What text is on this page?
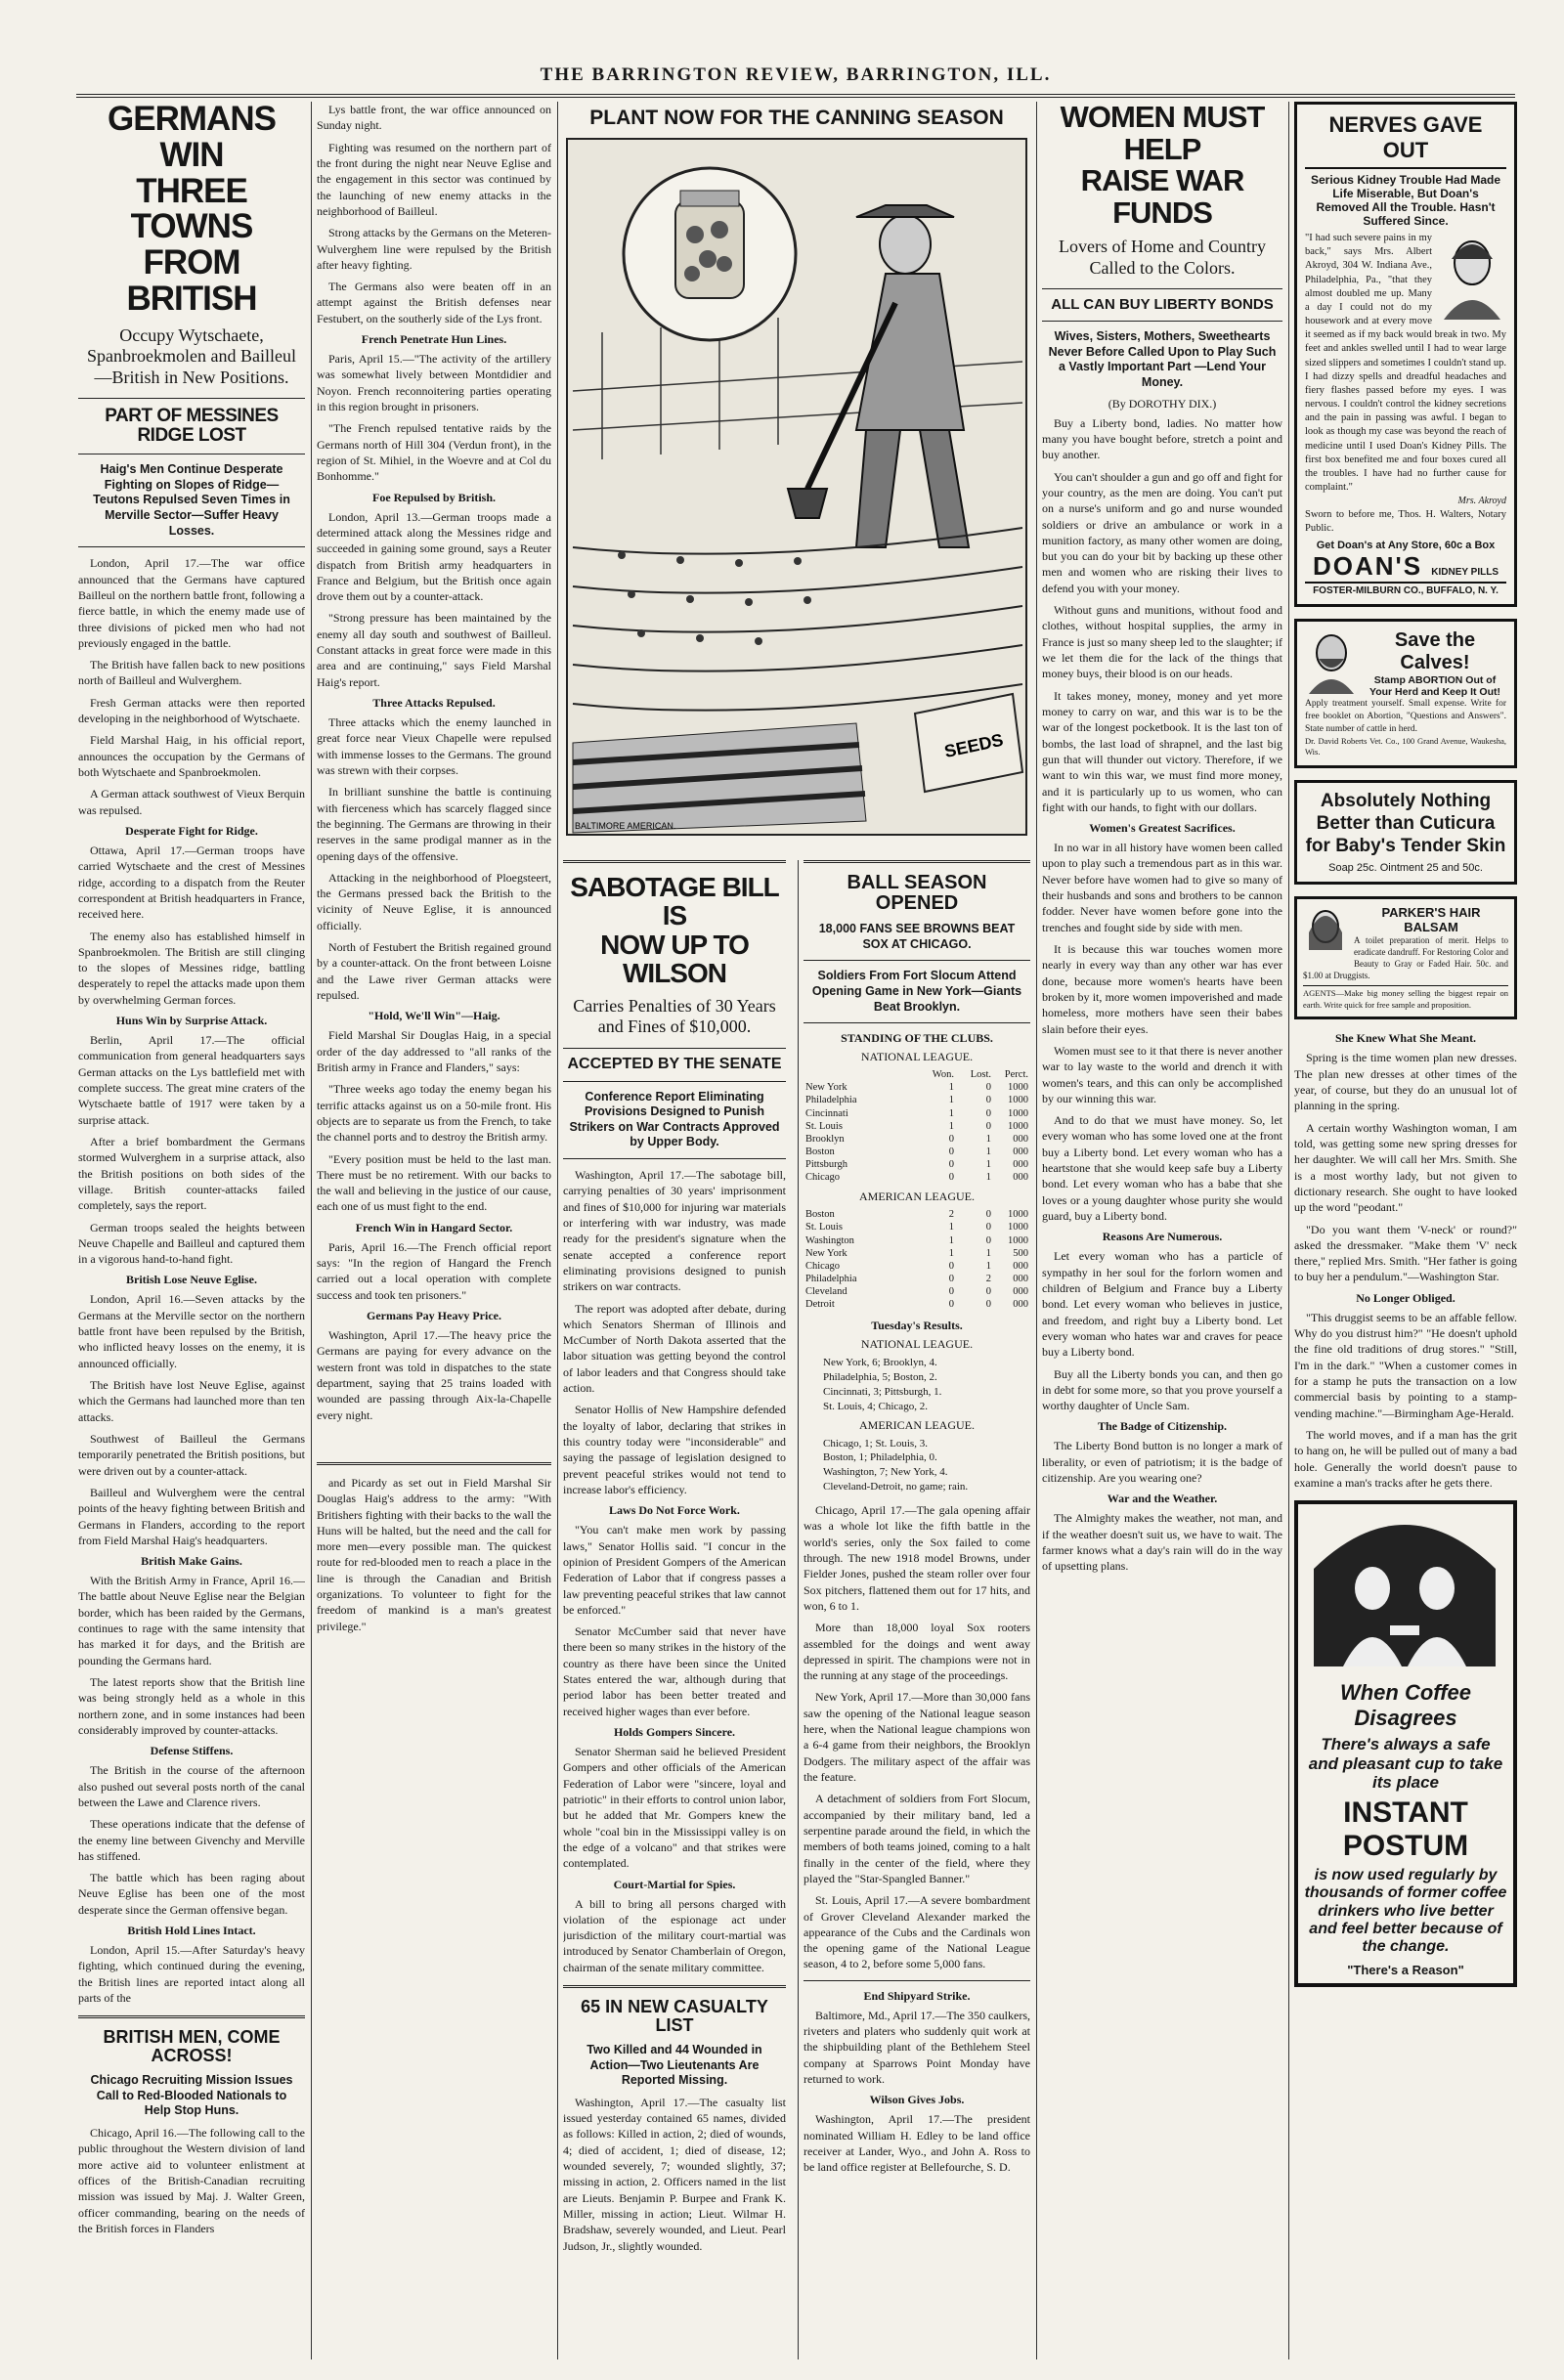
THE BARRINGTON REVIEW, BARRINGTON, ILL.
GERMANS WIN
THREE TOWNS
FROM BRITISH
Occupy Wytschaete, Spanbroekmolen and Bailleul—British in New Positions.
PART OF MESSINES RIDGE LOST
Haig's Men Continue Desperate Fighting on Slopes of Ridge—Teutons Repulsed Seven Times in Merville Sector—Suffer Heavy Losses.

London, April 17.—The war office announced that the Germans have captured Bailleul on the northern battle front, following a fierce battle, in which the enemy made use of three divisions of picked men who had not previously engaged in the battle.

The British have fallen back to new positions north of Bailleul and Wulverghem.

Fresh German attacks were then reported developing in the neighborhood of Wytschaete.

Field Marshal Haig, in his official report, announces the occupation by the Germans of both Wytschaete and Spanbroekmolen.

A German attack southwest of Vieux Berquin was repulsed.

Desperate Fight for Ridge.

Ottawa, April 17.—German troops have carried Wytschaete and the crest of Messines ridge, according to a dispatch from the Reuter correspondent at British headquarters in France, received here.

The enemy also has established himself in Spanbroekmolen. The British are still clinging to the slopes of Messines ridge, battling desperately to repel the attacks made upon them by overwhelming German forces.

Huns Win by Surprise Attack.

Berlin, April 17.—The official communication from general headquarters says German attacks on the Lys battlefield met with complete success. The great mine craters of the Wytschaete battle of 1917 were taken by a surprise attack.

After a brief bombardment the Germans stormed Wulverghem in a surprise attack, also the British positions on both sides of the village. British counter-attacks failed completely, says the report.

German troops sealed the heights between Neuve Chapelle and Bailleul and captured them in a vigorous hand-to-hand fight.

British Lose Neuve Eglise.

London, April 16.—Seven attacks by the Germans at the Merville sector on the northern battle front have been repulsed by the British, who inflicted heavy losses on the enemy, it is announced officially.

The British have lost Neuve Eglise, against which the Germans had launched more than ten attacks.

Southwest of Bailleul the Germans temporarily penetrated the British positions, but were driven out by a counter-attack.

Bailleul and Wulverghem were the central points of the heavy fighting between British and Germans in Flanders, according to the report from Field Marshal Haig's headquarters.

British Make Gains.

With the British Army in France, April 16.—The battle about Neuve Eglise near the Belgian border, which has been raided by the Germans, continues to rage with the same intensity that has marked it for days, and the British are pounding the Germans hard.

The latest reports show that the British line was being strongly held as a whole in this northern zone, and in some instances had been considerably improved by counter-attacks.

Defense Stiffens.

The British in the course of the afternoon also pushed out several posts north of the canal between the Lawe and Clarence rivers.

These operations indicate that the defense of the enemy line between Givenchy and Merville has stiffened.

The battle which has been raging about Neuve Eglise has been one of the most desperate since the German offensive began.

British Hold Lines Intact.

London, April 15.—After Saturday's heavy fighting, which continued during the evening, the British lines are reported intact along all parts of the

BRITISH MEN, COME ACROSS!
Chicago Recruiting Mission Issues Call to Red-Blooded Nationals to Help Stop Huns.

Chicago, April 16.—The following call to the public throughout the Western division of land more active aid to volunteer enlistment at offices of the British-Canadian recruiting mission was issued by Maj. J. Walter Green, officer commanding, bearing on the needs of the British forces in Flanders

Lys battle front, the war office announced on Sunday night.

Fighting was resumed on the northern part of the front during the night near Neuve Eglise and the engagement in this sector was continued by the launching of new enemy attacks in the neighborhood of Bailleul.

Strong attacks by the Germans on the Meteren-Wulverghem line were repulsed by the British after heavy fighting.

The Germans also were beaten off in an attempt against the British defenses near Festubert, on the southerly side of the Lys front.

French Penetrate Hun Lines.

Paris, April 15.—"The activity of the artillery was somewhat lively between Montdidier and Noyon. French reconnoitering parties operating in this region brought in prisoners.

"The French repulsed tentative raids by the Germans north of Hill 304 (Verdun front), in the region of St. Mihiel, in the Woevre and at Col du Bonhomme."

Foe Repulsed by British.

London, April 13.—German troops made a determined attack along the Messines ridge and succeeded in gaining some ground, says a Reuter dispatch from British army headquarters in France and Belgium, but the British once again drove them out by a counter-attack.

"Strong pressure has been maintained by the enemy all day south and southwest of Bailleul. Constant attacks in great force were made in this area and are continuing," says Field Marshal Haig's report.

Three Attacks Repulsed.

Three attacks which the enemy launched in great force near Vieux Chapelle were repulsed with immense losses to the Germans. The ground was strewn with their corpses.

In brilliant sunshine the battle is continuing with fierceness which has scarcely flagged since the beginning. The Germans are throwing in their reserves in the same prodigal manner as in the opening days of the offensive.

Attacking in the neighborhood of Ploegsteert, the Germans pressed back the British to the vicinity of Neuve Eglise, it is announced officially.

North of Festubert the British regained ground by a counter-attack. On the front between Loisne and the Lawe river German attacks were repulsed.

"Hold, We'll Win"—Haig.

Field Marshal Sir Douglas Haig, in a special order of the day addressed to "all ranks of the British army in France and Flanders," says:

"Three weeks ago today the enemy began his terrific attacks against us on a 50-mile front. His objects are to separate us from the French, to take the channel ports and to destroy the British army.

"Every position must be held to the last man. There must be no retirement. With our backs to the wall and believing in the justice of our cause, each one of us must fight to the end.

French Win in Hangard Sector.

Paris, April 16.—The French official report says: "In the region of Hangard the French carried out a local operation with complete success and took ten prisoners."

Germans Pay Heavy Price.

Washington, April 17.—The heavy price the Germans are paying for every advance on the western front was told in dispatches to the state department, saying that 25 trains loaded with wounded are passing through Aix-la-Chapelle every night.

and Picardy as set out in Field Marshal Sir Douglas Haig's address to the army: "With Britishers fighting with their backs to the wall the Huns will be halted, but the need and the call for more men—every possible man. The quickest route for red-blooded men to reach a place in the line is through the Canadian and British organizations. To volunteer to fight for the freedom of mankind is a man's greatest privilege."

PLANT NOW FOR THE CANNING SEASON
SEEDS
BALTIMORE AMERICAN.
SABOTAGE BILL IS
NOW UP TO WILSON
Carries Penalties of 30 Years and Fines of $10,000.
ACCEPTED BY THE SENATE
Conference Report Eliminating Provisions Designed to Punish Strikers on War Contracts Approved by Upper Body.

Washington, April 17.—The sabotage bill, carrying penalties of 30 years' imprisonment and fines of $10,000 for injuring war materials or interfering with war industry, was made ready for the president's signature when the senate accepted a conference report eliminating provisions designed to punish strikers on war contracts.

The report was adopted after debate, during which Senators Sherman of Illinois and McCumber of North Dakota asserted that the labor situation was getting beyond the control of labor leaders and that Congress should take action.

Senator Hollis of New Hampshire defended the loyalty of labor, declaring that strikes in this country today were "inconsiderable" and saying the passage of legislation designed to prevent peaceful strikes would not tend to increase labor's efficiency.

Laws Do Not Force Work.

"You can't make men work by passing laws," Senator Hollis said. "I concur in the opinion of President Gompers of the American Federation of Labor that if congress passes a law preventing peaceful strikes that law cannot be enforced."

Senator McCumber said that never have there been so many strikes in the history of the country as there have been since the United States entered the war, although during that period labor has been better treated and received higher wages than ever before.

Holds Gompers Sincere.

Senator Sherman said he believed President Gompers and other officials of the American Federation of Labor were "sincere, loyal and patriotic" in their efforts to control union labor, but he added that Mr. Gompers knew the whole "coal bin in the Mississippi valley is on the edge of a volcano" and that strikes were contemplated.

Court-Martial for Spies.

A bill to bring all persons charged with violation of the espionage act under jurisdiction of the military court-martial was introduced by Senator Chamberlain of Oregon, chairman of the senate military committee.

65 IN NEW CASUALTY LIST
Two Killed and 44 Wounded in Action—Two Lieutenants Are Reported Missing.

Washington, April 17.—The casualty list issued yesterday contained 65 names, divided as follows: Killed in action, 2; died of wounds, 4; died of accident, 1; died of disease, 12; wounded severely, 7; wounded slightly, 37; missing in action, 2. Officers named in the list are Lieuts. Benjamin P. Burpee and Frank K. Miller, missing in action; Lieut. Wilmar H. Bradshaw, severely wounded, and Lieut. Pearl Judson, Jr., slightly wounded.

BALL SEASON OPENED
18,000 FANS SEE BROWNS BEAT SOX AT CHICAGO.
Soldiers From Fort Slocum Attend Opening Game in New York—Giants Beat Brooklyn.
STANDING OF THE CLUBS.
NATIONAL LEAGUE.
	Won.	Lost.	Perct.
New York	1	0	1000
Philadelphia	1	0	1000
Cincinnati	1	0	1000
St. Louis	1	0	1000
Brooklyn	0	1	000
Boston	0	1	000
Pittsburgh	0	1	000
Chicago	0	1	000
AMERICAN LEAGUE.
Boston	2	0	1000
St. Louis	1	0	1000
Washington	1	0	1000
New York	1	1	500
Chicago	0	1	000
Philadelphia	0	2	000
Cleveland	0	0	000
Detroit	0	0	000
Tuesday's Results.
NATIONAL LEAGUE.
New York, 6; Brooklyn, 4.
Philadelphia, 5; Boston, 2.
Cincinnati, 3; Pittsburgh, 1.
St. Louis, 4; Chicago, 2.
AMERICAN LEAGUE.
Chicago, 1; St. Louis, 3.
Boston, 1; Philadelphia, 0.
Washington, 7; New York, 4.
Cleveland-Detroit, no game; rain.

Chicago, April 17.—The gala opening affair was a whole lot like the fifth battle in the world's series, only the Sox failed to come through. The new 1918 model Browns, under Fielder Jones, pushed the steam roller over four Sox pitchers, flattened them out for 17 hits, and won, 6 to 1.

More than 18,000 loyal Sox rooters assembled for the doings and went away depressed in spirit. The champions were not in the running at any stage of the proceedings.

New York, April 17.—More than 30,000 fans saw the opening of the National league season here, when the National league champions won a 6-4 game from their neighbors, the Brooklyn Dodgers. The military aspect of the affair was the feature.

A detachment of soldiers from Fort Slocum, accompanied by their military band, led a serpentine parade around the field, in which the members of both teams joined, coming to a halt finally in the center of the field, where they played the "Star-Spangled Banner."

St. Louis, April 17.—A severe bombardment of Grover Cleveland Alexander marked the appearance of the Cubs and the Cardinals won the opening game of the National League season, 4 to 2, before some 5,000 fans.

End Shipyard Strike.

Baltimore, Md., April 17.—The 350 caulkers, riveters and platers who suddenly quit work at the shipbuilding plant of the Bethlehem Steel company at Sparrows Point Monday have returned to work.

Wilson Gives Jobs.

Washington, April 17.—The president nominated William H. Edley to be land office receiver at Lander, Wyo., and John A. Ross to be land office register at Bellefourche, S. D.

WOMEN MUST HELP
RAISE WAR FUNDS
Lovers of Home and Country Called to the Colors.
ALL CAN BUY LIBERTY BONDS
Wives, Sisters, Mothers, Sweethearts Never Before Called Upon to Play Such a Vastly Important Part —Lend Your Money.
(By DOROTHY DIX.)

Buy a Liberty bond, ladies. No matter how many you have bought before, stretch a point and buy another.

You can't shoulder a gun and go off and fight for your country, as the men are doing. You can't put on a nurse's uniform and go and nurse wounded soldiers or drive an ambulance or work in a munition factory, as many other women are doing, but you can do your bit by backing up these other men and women who are risking their lives to defend you with your money.

Without guns and munitions, without food and clothes, without hospital supplies, the army in France is just so many sheep led to the slaughter; if we let them die for the lack of the things that money buys, their blood is on our heads.

It takes money, money, money and yet more money to carry on war, and this war is to be the war of the longest pocketbook. It is the last ton of bombs, the last load of shrapnel, and the last big gun that will thunder out victory. Therefore, if we want to win this war, we must find more money, and it is particularly up to us women, who can fight with our hands, to fight with our dollars.

Women's Greatest Sacrifices.

In no war in all history have women been called upon to play such a tremendous part as in this war. Never before have women had to give so many of their husbands and sons and brothers to be cannon fodder. Never have women before gone into the trenches and fought side by side with men.

It is because this war touches women more nearly in every way than any other war has ever done, because more women's hearts have been broken by it, more women impoverished and made homeless, more mothers have seen their babes slain before their eyes.

Women must see to it that there is never another war to lay waste to the world and drench it with women's tears, and this can only be accomplished by our winning this war.

And to do that we must have money. So, let every woman who has some loved one at the front buy a Liberty bond. Let every woman who has a heartstone that she would keep safe buy a Liberty bond. Let every woman who has a babe that she loves or a young daughter whose purity she would guard, buy a Liberty bond.

Reasons Are Numerous.

Let every woman who has a particle of sympathy in her soul for the forlorn women and children of Belgium and France buy a Liberty bond. Let every woman who believes in justice, and freedom, and right buy a Liberty bond. Let every woman who hates war and craves for peace buy a Liberty bond.

Buy all the Liberty bonds you can, and then go in debt for some more, so that you prove yourself a worthy daughter of Uncle Sam.

The Badge of Citizenship.

The Liberty Bond button is no longer a mark of liberality, or even of patriotism; it is the badge of citizenship. Are you wearing one?

War and the Weather.

The Almighty makes the weather, not man, and if the weather doesn't suit us, we have to wait. The farmer knows what a day's rain will do in the way of upsetting plans.

NERVES GAVE OUT
Serious Kidney Trouble Had Made Life Miserable, But Doan's Removed All the Trouble. Hasn't Suffered Since.
"I had such severe pains in my back," says Mrs. Albert Akroyd, 304 W. Indiana Ave., Philadelphia, Pa., "that they almost doubled me up. Many a day I could not do my housework and at every move it seemed as if my back would break in two. My feet and ankles swelled until I had to wear large sized slippers and sometimes I couldn't stand up. I had dizzy spells and dreadful headaches and fiery flashes passed before my eyes. I was nervous. I couldn't control the kidney secretions and the pain in passing was awful. I began to look as though my case was beyond the reach of medicine until I used Doan's Kidney Pills. The first box benefited me and four boxes cured all the troubles. I have had no further cause for complaint."
Mrs. Akroyd
Sworn to before me, Thos. H. Walters, Notary Public.
Get Doan's at Any Store, 60c a Box
DOAN'S KIDNEY PILLS
FOSTER-MILBURN CO., BUFFALO, N. Y.
Save the Calves!
Stamp ABORTION Out of Your Herd and Keep It Out!
Apply treatment yourself. Small expense. Write for free booklet on Abortion, "Questions and Answers". State number of cattle in herd.
Dr. David Roberts Vet. Co., 100 Grand Avenue, Waukesha, Wis.
Absolutely Nothing Better than Cuticura for Baby's Tender Skin
Soap 25c. Ointment 25 and 50c.
PARKER'S HAIR BALSAM
A toilet preparation of merit. Helps to eradicate dandruff. For Restoring Color and Beauty to Gray or Faded Hair. 50c. and $1.00 at Druggists.
AGENTS—Make big money selling the biggest repair on earth. Write quick for free sample and proposition.
She Knew What She Meant.

Spring is the time women plan new dresses. The plan new dresses at other times of the year, of course, but they do an unusual lot of planning in the spring.

A certain worthy Washington woman, I am told, was getting some new spring dresses for her daughter. We will call her Mrs. Smith. She is a most worthy lady, but not given to dictionary research. She ought to have looked up the word "peodant."

"Do you want them 'V-neck' or round?" asked the dressmaker. "Make them 'V' neck there," replied Mrs. Smith. "Her father is going to buy her a pendulum."—Washington Star.

No Longer Obliged.

"This druggist seems to be an affable fellow. Why do you distrust him?" "He doesn't uphold the fine old traditions of drug stores." "Still, I'm in the dark." "When a customer comes in for a stamp he puts the transaction on a low commercial basis by pointing to a stamp-vending machine."—Birmingham Age-Herald.

The world moves, and if a man has the grit to hang on, he will be pulled out of many a bad hole. Generally the world doesn't pause to examine a man's tracks after he gets there.

When Coffee
Disagrees
There's always a safe and pleasant cup to take its place
INSTANT
POSTUM
is now used regularly by thousands of former coffee drinkers who live better and feel better because of the change.
"There's a Reason"
